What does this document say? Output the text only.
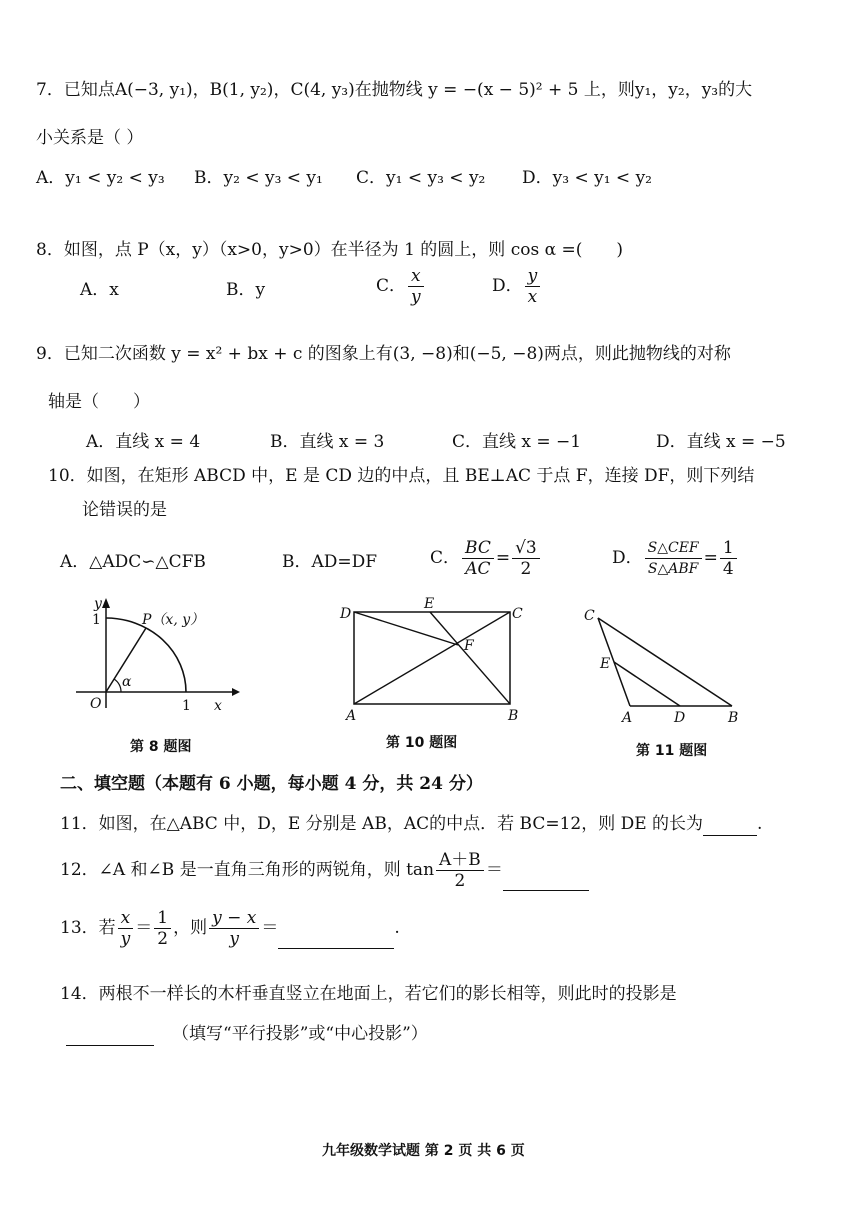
7．已知点A(−3, y₁)，B(1, y₂)，C(4, y₃)在抛物线 y = −(x − 5)² + 5 上，则y₁，y₂，y₃的大
小关系是（ ）
A．y₁ < y₂ < y₃ B．y₂ < y₃ < y₁ C．y₁ < y₃ < y₂ D．y₃ < y₁ < y₂
8．如图，点 P（x，y）（x>0，y>0）在半径为 1 的圆上，则 cos α =(　　)
A．x	B．y	C． $\frac{x}{y}$	D． $\frac{y}{x}$
9．已知二次函数 y = x² + bx + c 的图象上有(3, −8)和(−5, −8)两点，则此抛物线的对称
轴是（　　）
A．直线 x = 4	B．直线 x = 3	C．直线 x = −1	D．直线 x = −5
10．如图，在矩形 ABCD 中，E 是 CD 边的中点，且 BE⊥AC 于点 F，连接 DF，则下列结
论错误的是
A．△ADC∽△CFB	B．AD=DF	C． $\frac{BC}{AC} = \frac{√3}{2}$	D． $\frac{\text{S△CEF}}{\text{S△ABF}} = \frac{1}{4}$
y
1	P（x, y）
α
O	1 x
第 8 题图
D
E
C
F
A	B
第 10 题图
C
E
A	D	B
第 11 题图
二、填空题（本题有 6 小题，每小题 4 分，共 24 分）
11．如图，在△ABC 中，D，E 分别是 AB，AC的中点．若 BC=12，则 DE 的长为	.
12．∠A 和∠B 是一直角三角形的两锐角，则 $\tan \frac{A+B}{2}$ ＝
13．若 $\frac{x}{y} = \frac{1}{2}$ ，则 $\frac{y - x}{y}$ ＝	.
14．两根不一样长的木杆垂直竖立在地面上，若它们的影长相等，则此时的投影是
（填写“平行投影”或“中心投影”）
九年级数学试题 第 2 页 共 6 页
